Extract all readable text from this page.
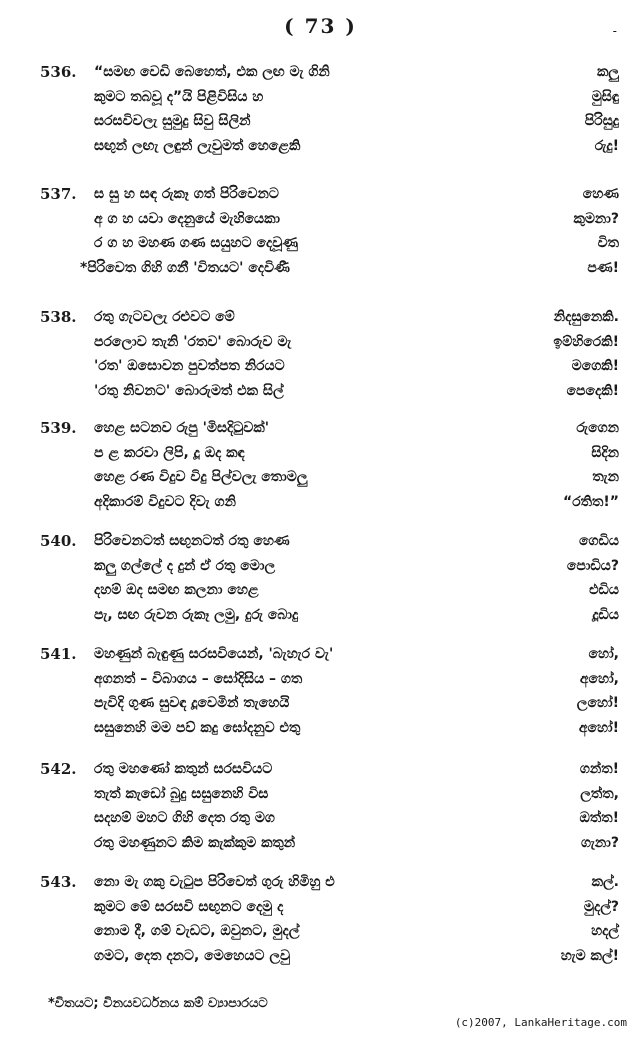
( 73 )	-
536. “සමඟ වෙඩි බෙහෙත්, එක ලඟ මැ ගිනි	කලු
කුමට තබවූ ද”යි පිළිවිසිය හ	මුසිඳු
සරසවිවලැ සුමුදු සිවු සිලින්	පිරිසුදු
සඟුන් ලඟැ ලඳුන් ලැවුමත් හෙළෙකි	රුදු!
537. ස සු හ සඳ රුකෑ ගත් පිරිවෙනට	හෙණ
අ ග හ යවා දෙනුයේ මැහියෙකා	කුමනා?
ර ග හ මහණ ගණ සයුහට දෙවූණු	විත
*පිරිවෙත ගිහි ගනී 'විතයට' දෙවිණී	පණ!
538. රතු ගැටවලැ රළුවට මේ	නිදසුනෙකි.
පරලොව තැනි 'රතව' බොරුව මැ	ඉම්හිරෙකි!
'රත' ඔසොවන පුවත්පත නිරයට	මගෙකි!
'රතු නිවනට' බොරුමත් එක සිල්	පෙදෙකි!
539. හෙළ සටනව රුපු 'මිසදිටුවක්'	රුගෙන
ප ළ කරවා ලිපි, දූ ඔද කඳ	සිදින
හෙළ රණ විදුව විදු පිල්වලැ තොමලු	තැන
අදිකාරම් විදුවට දිවැ ගනි	“රතිත!”
540. පිරිවෙනටත් සඟුනටත් රතු හෙණ	ගෙඩිය
කලු ගල්ලේ ද දුන් ඒ රතු මොල	පොඩිය?
දහම් ඔද සමඟ කලනා හෙළ	එඩිය
පැ, සඟ රුවන රුකෑ ලමු, දුරු බොදු	දූඩිය
541. මහණුන් බැඳුණු සරසවියෙන්, 'බැහැර වැ'	හෝ,
අගනත් – විබාගය – සෝදිසිය – ගත	අහෝ,
පැවිදි ගුණ සුවඳ දූවෙමින් තැහෙයි	ලහෝ!
සසුනෙහි මම පව් කදු ඝෝදනුව එතු	අහෝ!
542. රතු මහණෝ කතුන් සරසවියට	ගන්ත!
තැත් කැඩෝ බුදු සසුනෙහි විස	ලත්ත,
සදහම් මහට ගිහි දෙත රතු මග	ඔත්ත!
රතු මහණුනට කිම කැක්කුම කතුන්	ගැනා?
543. නො මැ ගකු වැටුප පිරිවෙත් ගුරු හිමිහු එ	කල්.
කුමට මේ සරසවි සඟුනට දෙමු ද	මුදල්?
නොම දී, ගම් වැඩට, ඔවුනට, මුදල්	හදල්
ගමට, දෙත දනට, මෙහෙයට ලවු	හැම කල්!
*විතයට; විනයවර්ධනය කම් ව්‍යාපාරයට
(c)2007, LankaHeritage.com
